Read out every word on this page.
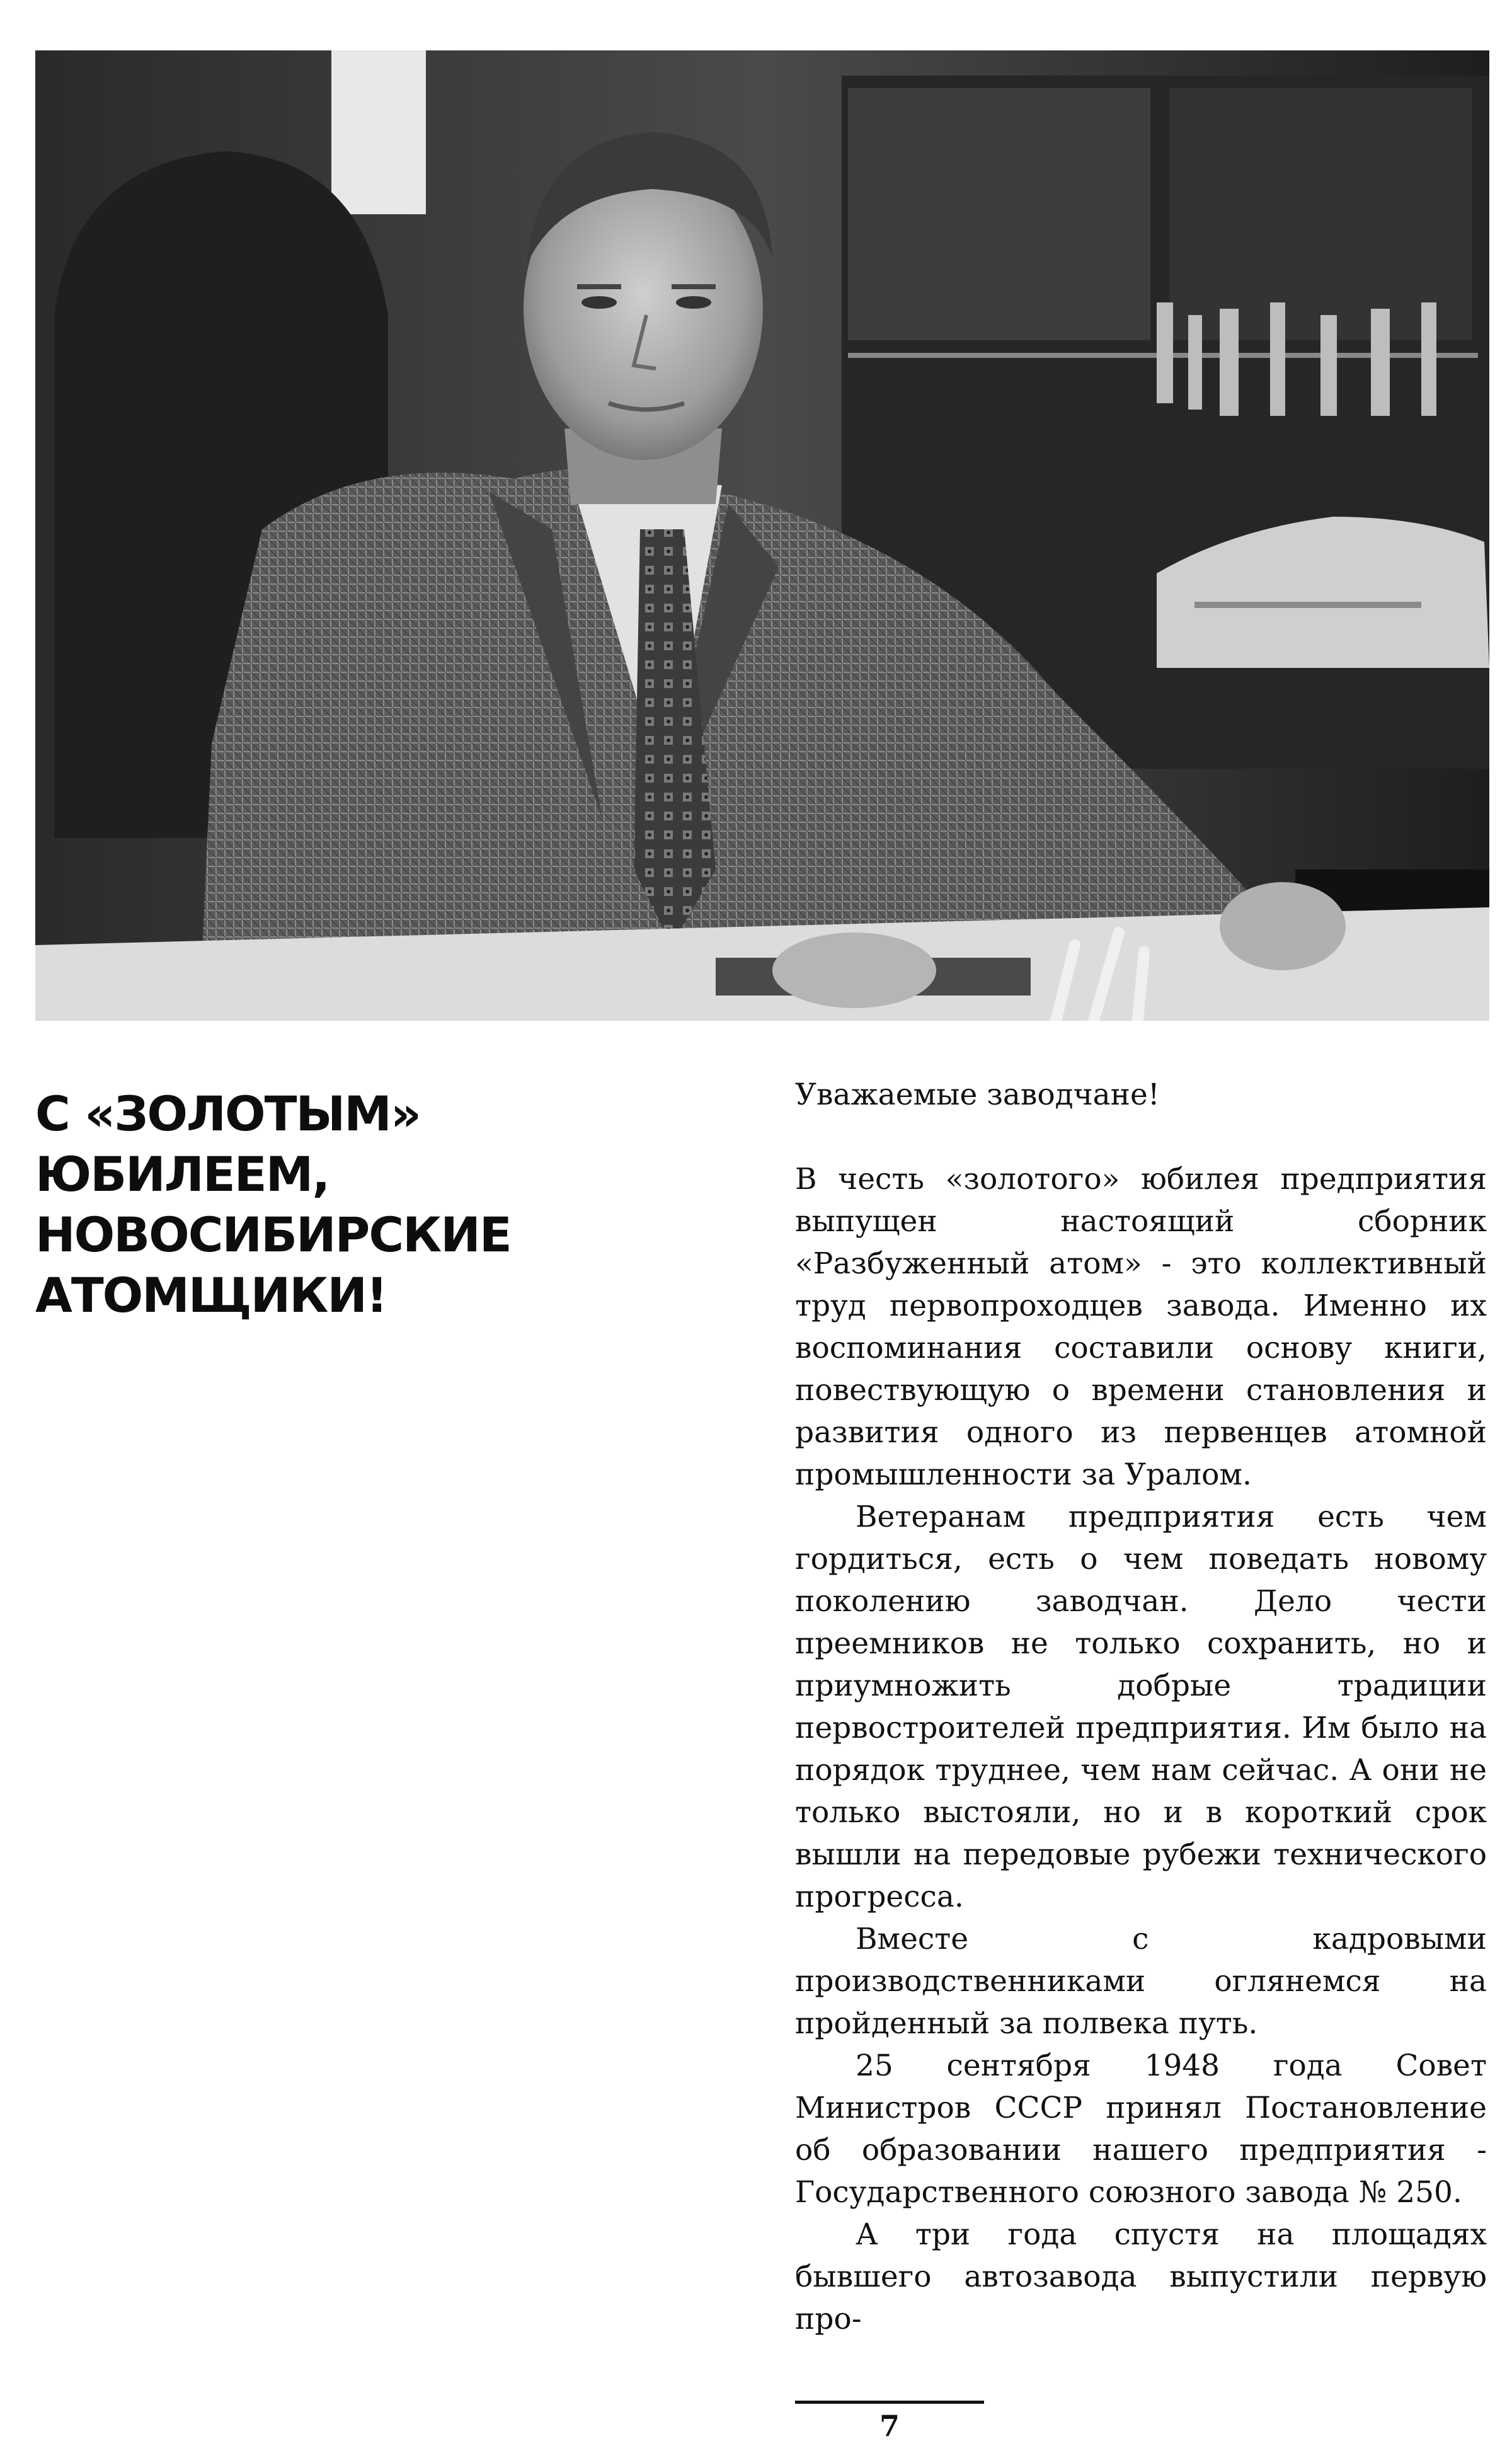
С «ЗОЛОТЫМ»
ЮБИЛЕЕМ,
НОВОСИБИРСКИЕ
АТОМЩИКИ!

Уважаемые заводчане!

В честь «золотого» юбилея предприятия выпущен настоящий сборник «Разбуженный атом» - это коллективный труд первопроходцев завода. Именно их воспоминания составили основу книги, повествующую о времени становления и развития одного из первенцев атомной промышленности за Уралом.

Ветеранам предприятия есть чем гордиться, есть о чем поведать новому поколению заводчан. Дело чести преемников не только сохранить, но и приумножить добрые традиции первостроителей предприятия. Им было на порядок труднее, чем нам сейчас. А они не только выстояли, но и в короткий срок вышли на передовые рубежи технического прогресса.

Вместе с кадровыми производственниками оглянемся на пройденный за полвека путь.

25 сентября 1948 года Совет Министров СССР принял Постановление об образовании нашего предприятия - Государственного союзного завода № 250.

А три года спустя на площадях бывшего автозавода выпустили первую про-

7
